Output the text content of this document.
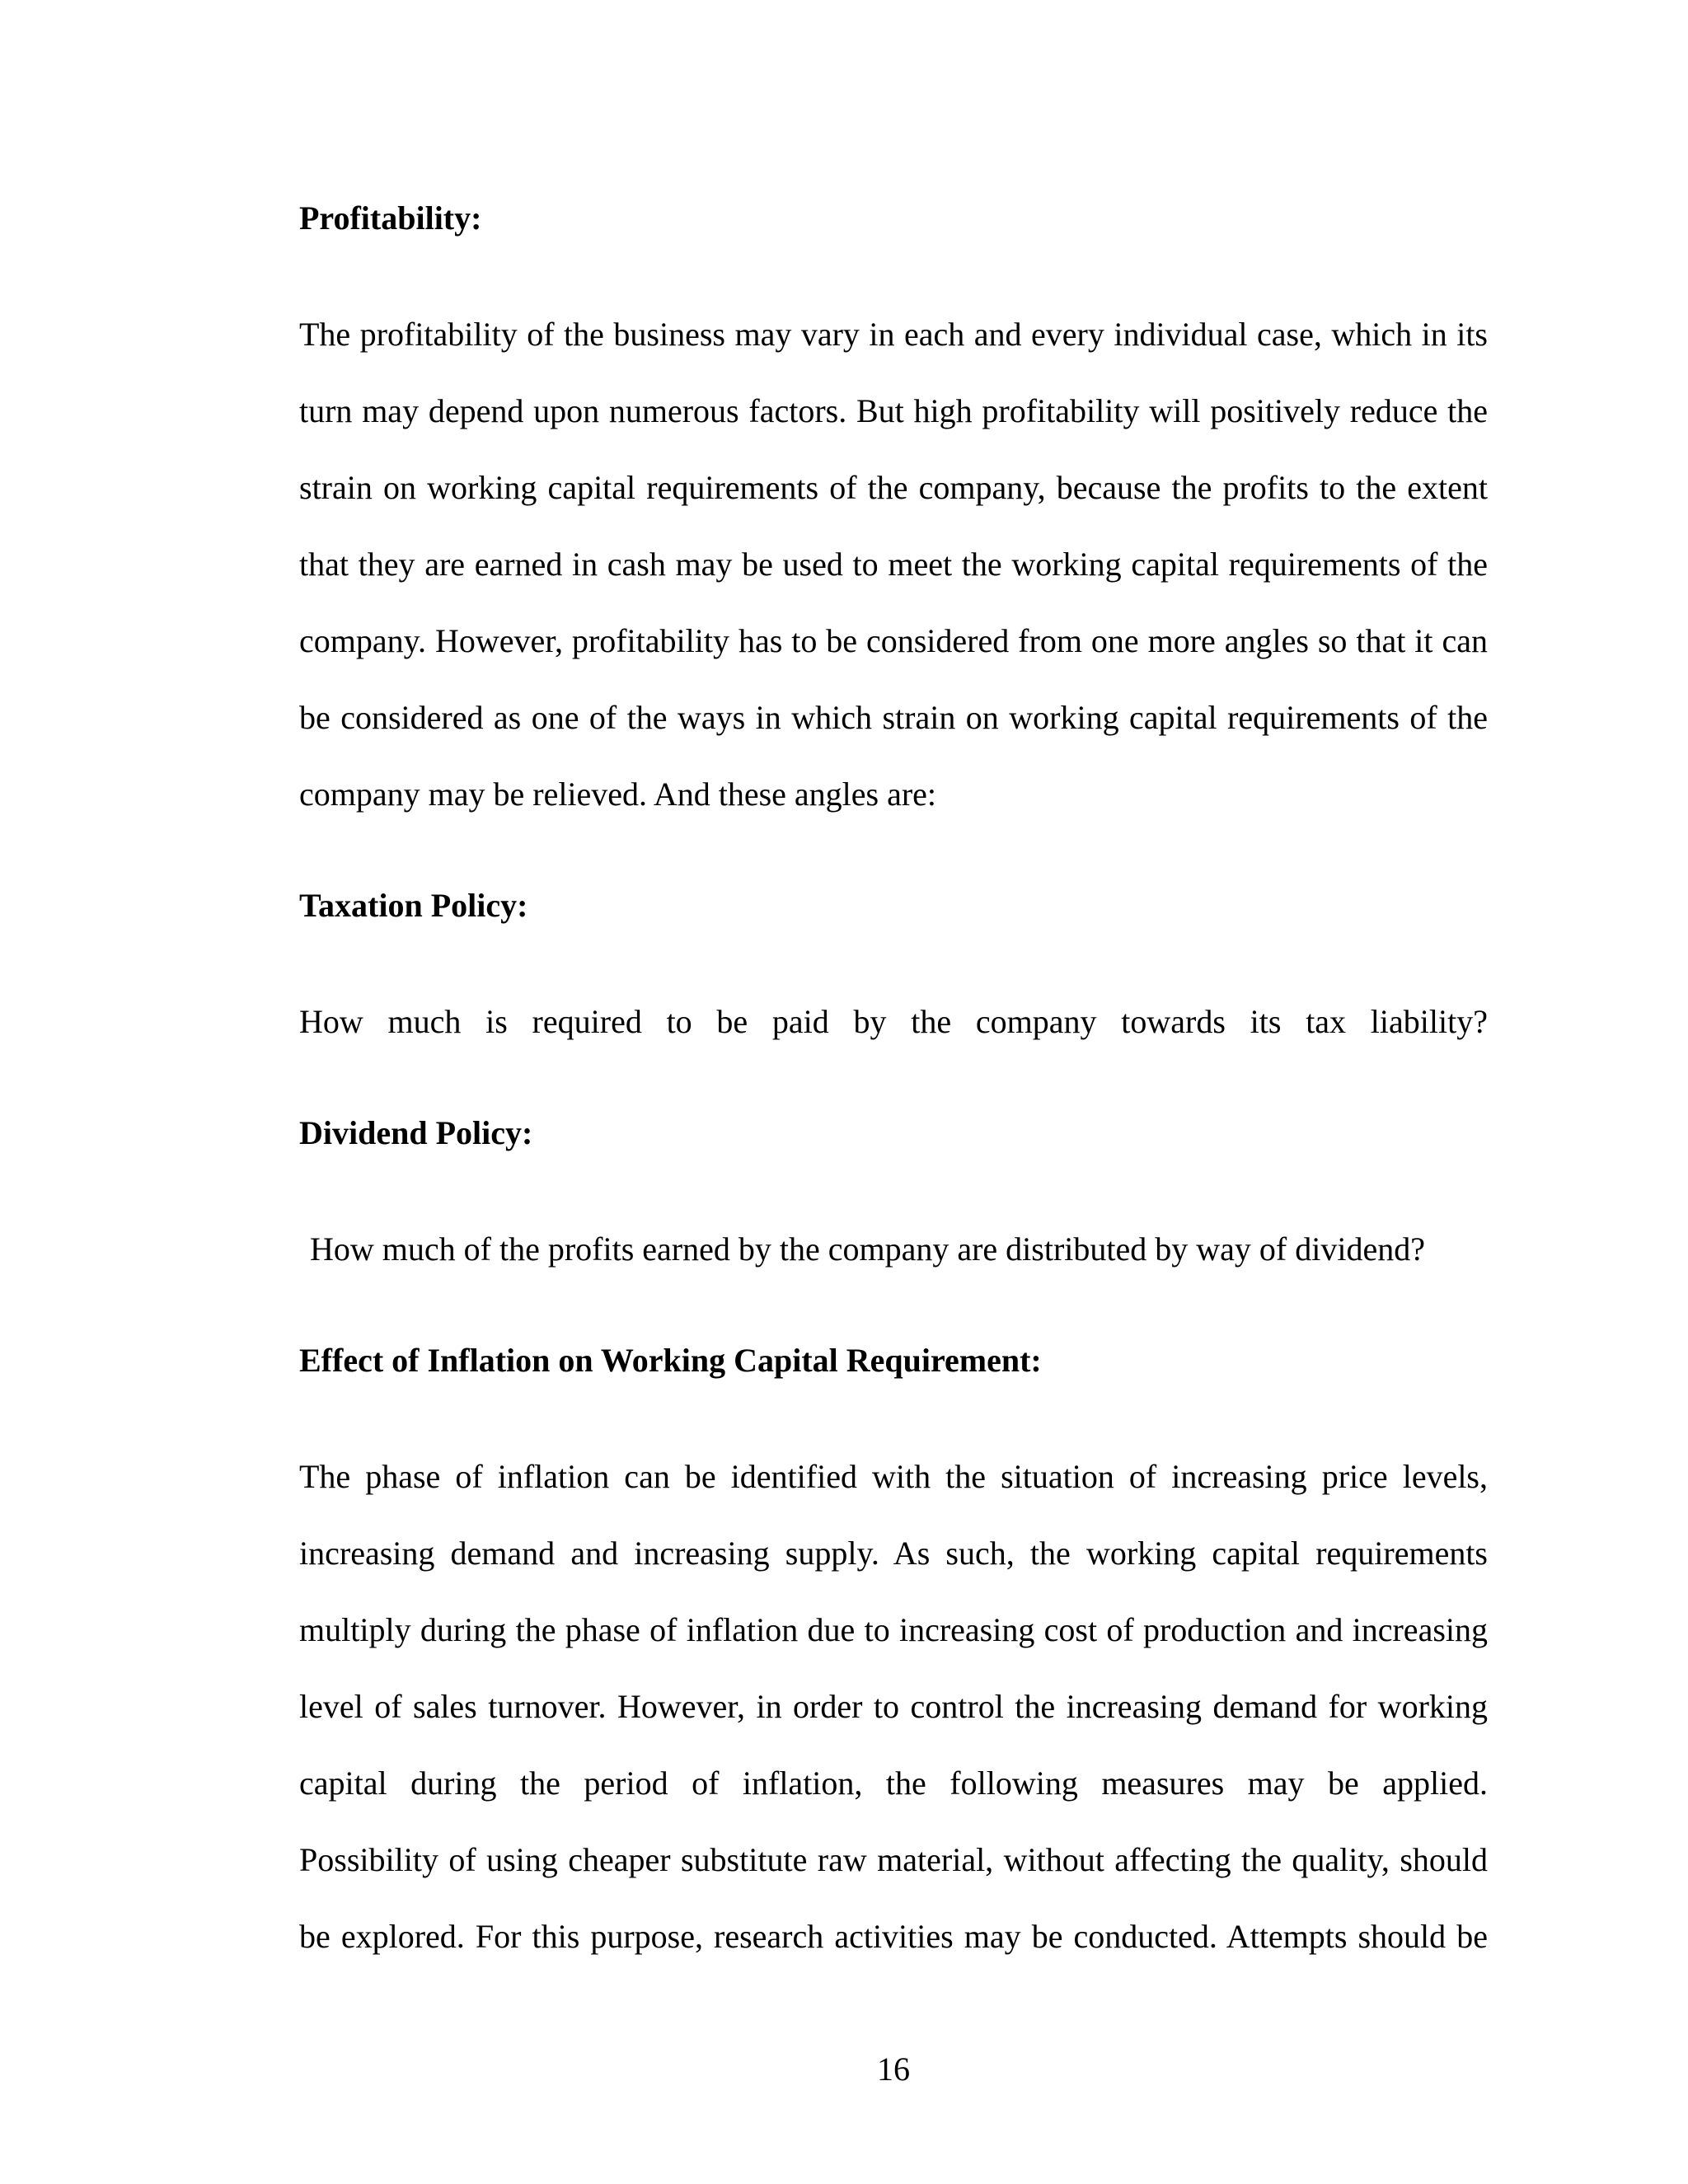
Profitability:
The profitability of the business may vary in each and every individual case, which in its
turn may depend upon numerous factors. But high profitability will positively reduce the
strain on working capital requirements of the company, because the profits to the extent
that they are earned in cash may be used to meet the working capital requirements of the
company. However, profitability has to be considered from one more angles so that it can
be considered as one of the ways in which strain on working capital requirements of the
company may be relieved. And these angles are:
Taxation Policy:
How much is required to be paid by the company towards its tax liability?
Dividend Policy:
How much of the profits earned by the company are distributed by way of dividend?
Effect of Inflation on Working Capital Requirement:
The phase of inflation can be identified with the situation of increasing price levels,
increasing demand and increasing supply. As such, the working capital requirements
multiply during the phase of inflation due to increasing cost of production and increasing
level of sales turnover. However, in order to control the increasing demand for working
capital during the period of inflation, the following measures may be applied.
Possibility of using cheaper substitute raw material, without affecting the quality, should
be explored. For this purpose, research activities may be conducted. Attempts should be
16
